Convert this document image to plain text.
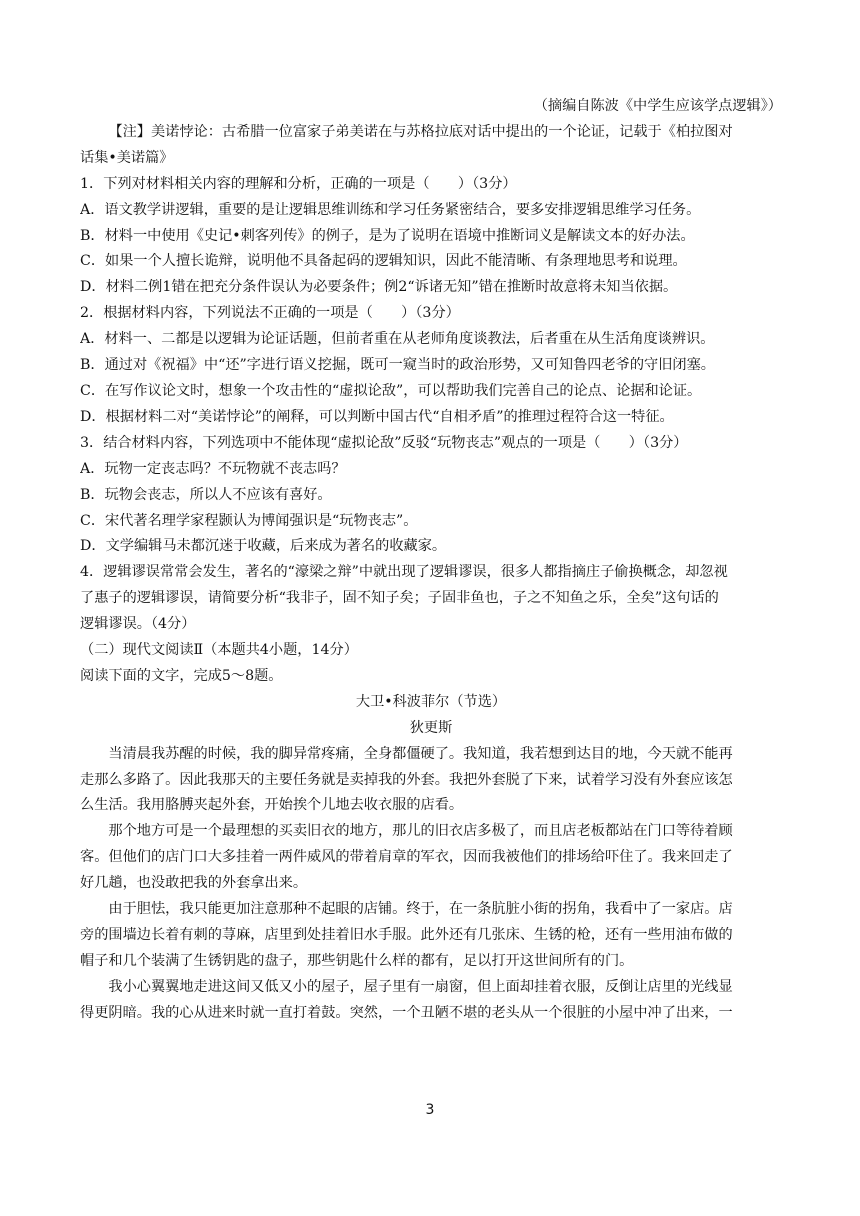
（摘编自陈波《中学生应该学点逻辑》）
【注】美诺悖论：古希腊一位富家子弟美诺在与苏格拉底对话中提出的一个论证，记载于《柏拉图对
话集•美诺篇》
1．下列对材料相关内容的理解和分析，正确的一项是（　　）（3分）
A．语文教学讲逻辑，重要的是让逻辑思维训练和学习任务紧密结合，要多安排逻辑思维学习任务。
B．材料一中使用《史记•刺客列传》的例子，是为了说明在语境中推断词义是解读文本的好办法。
C．如果一个人擅长诡辩，说明他不具备起码的逻辑知识，因此不能清晰、有条理地思考和说理。
D．材料二例1错在把充分条件误认为必要条件；例2“诉诸无知”错在推断时故意将未知当依据。
2．根据材料内容，下列说法不正确的一项是（　　）（3分）
A．材料一、二都是以逻辑为论证话题，但前者重在从老师角度谈教法，后者重在从生活角度谈辨识。
B．通过对《祝福》中“还”字进行语义挖掘，既可一窥当时的政治形势，又可知鲁四老爷的守旧闭塞。
C．在写作议论文时，想象一个攻击性的“虚拟论敌”，可以帮助我们完善自己的论点、论据和论证。
D．根据材料二对“美诺悖论”的阐释，可以判断中国古代“自相矛盾”的推理过程符合这一特征。
3．结合材料内容，下列选项中不能体现“虚拟论敌”反驳“玩物丧志”观点的一项是（　　）（3分）
A．玩物一定丧志吗？不玩物就不丧志吗？
B．玩物会丧志，所以人不应该有喜好。
C．宋代著名理学家程颢认为博闻强识是“玩物丧志”。
D．文学编辑马未都沉迷于收藏，后来成为著名的收藏家。
4．逻辑谬误常常会发生，著名的“濠梁之辩”中就出现了逻辑谬误，很多人都指摘庄子偷换概念，却忽视
了惠子的逻辑谬误，请简要分析“我非子，固不知子矣；子固非鱼也，子之不知鱼之乐，全矣”这句话的
逻辑谬误。（4分）
（二）现代文阅读Ⅱ（本题共4小题，14分）
阅读下面的文字，完成5～8题。
大卫•科波菲尔（节选）
狄更斯
当清晨我苏醒的时候，我的脚异常疼痛，全身都僵硬了。我知道，我若想到达目的地，今天就不能再
走那么多路了。因此我那天的主要任务就是卖掉我的外套。我把外套脱了下来，试着学习没有外套应该怎
么生活。我用胳膊夹起外套，开始挨个儿地去收衣服的店看。
那个地方可是一个最理想的买卖旧衣的地方，那儿的旧衣店多极了，而且店老板都站在门口等待着顾
客。但他们的店门口大多挂着一两件威风的带着肩章的军衣，因而我被他们的排场给吓住了。我来回走了
好几趟，也没敢把我的外套拿出来。
由于胆怯，我只能更加注意那种不起眼的店铺。终于，在一条肮脏小街的拐角，我看中了一家店。店
旁的围墙边长着有刺的荨麻，店里到处挂着旧水手服。此外还有几张床、生锈的枪，还有一些用油布做的
帽子和几个装满了生锈钥匙的盘子，那些钥匙什么样的都有，足以打开这世间所有的门。
我小心翼翼地走进这间又低又小的屋子，屋子里有一扇窗，但上面却挂着衣服，反倒让店里的光线显
得更阴暗。我的心从进来时就一直打着鼓。突然，一个丑陋不堪的老头从一个很脏的小屋中冲了出来，一
3
